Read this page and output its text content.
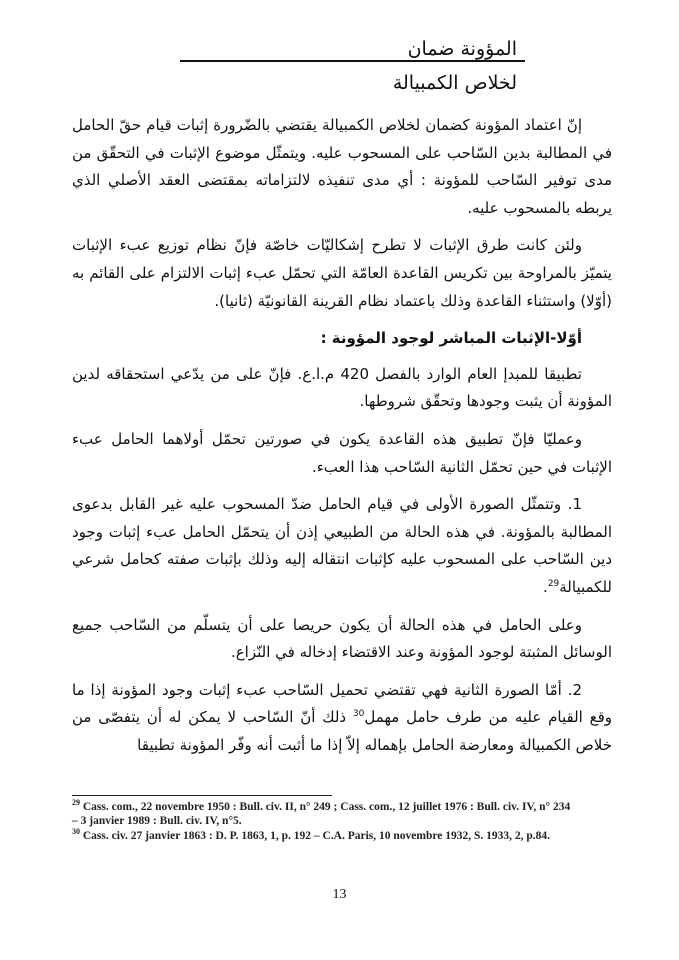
المؤونة ضمان
لخلاص الكمبيالة

إنّ اعتماد المؤونة كضمان لخلاص الكمبيالة يقتضي بالضّرورة إثبات قيام حقّ الحامل في المطالبة بدين السّاحب على المسحوب عليه. ويتمثّل موضوع الإثبات في التحقّق من مدى توفير السّاحب للمؤونة : أي مدى تنفيذه لالتزاماته بمقتضى العقد الأصلي الذي يربطه بالمسحوب عليه.

ولئن كانت طرق الإثبات لا تطرح إشكاليّات خاصّة فإنّ نظام توزيع عبء الإثبات يتميّز بالمراوحة بين تكريس القاعدة العامّة التي تحمّل عبء إثبات الالتزام على القائم به (أوّلا) واستثناء القاعدة وذلك باعتماد نظام القرينة القانونيّة (ثانيا).

أوّلا-الإثبات المباشر لوجود المؤونة :

تطبيقا للمبدإ العام الوارد بالفصل 420 م.ا.ع. فإنّ على من يدّعي استحقاقه لدين المؤونة أن يثبت وجودها وتحقّق شروطها.

وعمليّا فإنّ تطبيق هذه القاعدة يكون في صورتين تحمّل أولاهما الحامل عبء الإثبات في حين تحمّل الثانية السّاحب هذا العبء.

1. وتتمثّل الصورة الأولى في قيام الحامل ضدّ المسحوب عليه غير القابل بدعوى المطالبة بالمؤونة. في هذه الحالة من الطبيعي إذن أن يتحمّل الحامل عبء إثبات وجود دين السّاحب على المسحوب عليه كإثبات انتقاله إليه وذلك بإثبات صفته كحامل شرعي للكمبيالة$^{29}$.

وعلى الحامل في هذه الحالة أن يكون حريصا على أن يتسلّم من السّاحب جميع الوسائل المثبتة لوجود المؤونة وعند الاقتضاء إدخاله في النّزاع.

2. أمّا الصورة الثانية فهي تقتضي تحميل السّاحب عبء إثبات وجود المؤونة إذا ما وقع القيام عليه من طرف حامل مهمل$^{30}$ ذلك أنّ السّاحب لا يمكن له أن يتفصّى من خلاص الكمبيالة ومعارضة الحامل بإهماله إلاّ إذا ما أثبت أنه وفّر المؤونة تطبيقا

$^{29}$ Cass. com., 22 novembre 1950 : Bull. civ. II, n° 249 ; Cass. com., 12 juillet 1976 : Bull. civ. IV, n° 234 – 3 janvier 1989 : Bull. civ. IV, n°5.

$^{30}$ Cass. civ. 27 janvier 1863 : D. P. 1863, 1, p. 192 – C.A. Paris, 10 novembre 1932, S. 1933, 2, p.84.

13
